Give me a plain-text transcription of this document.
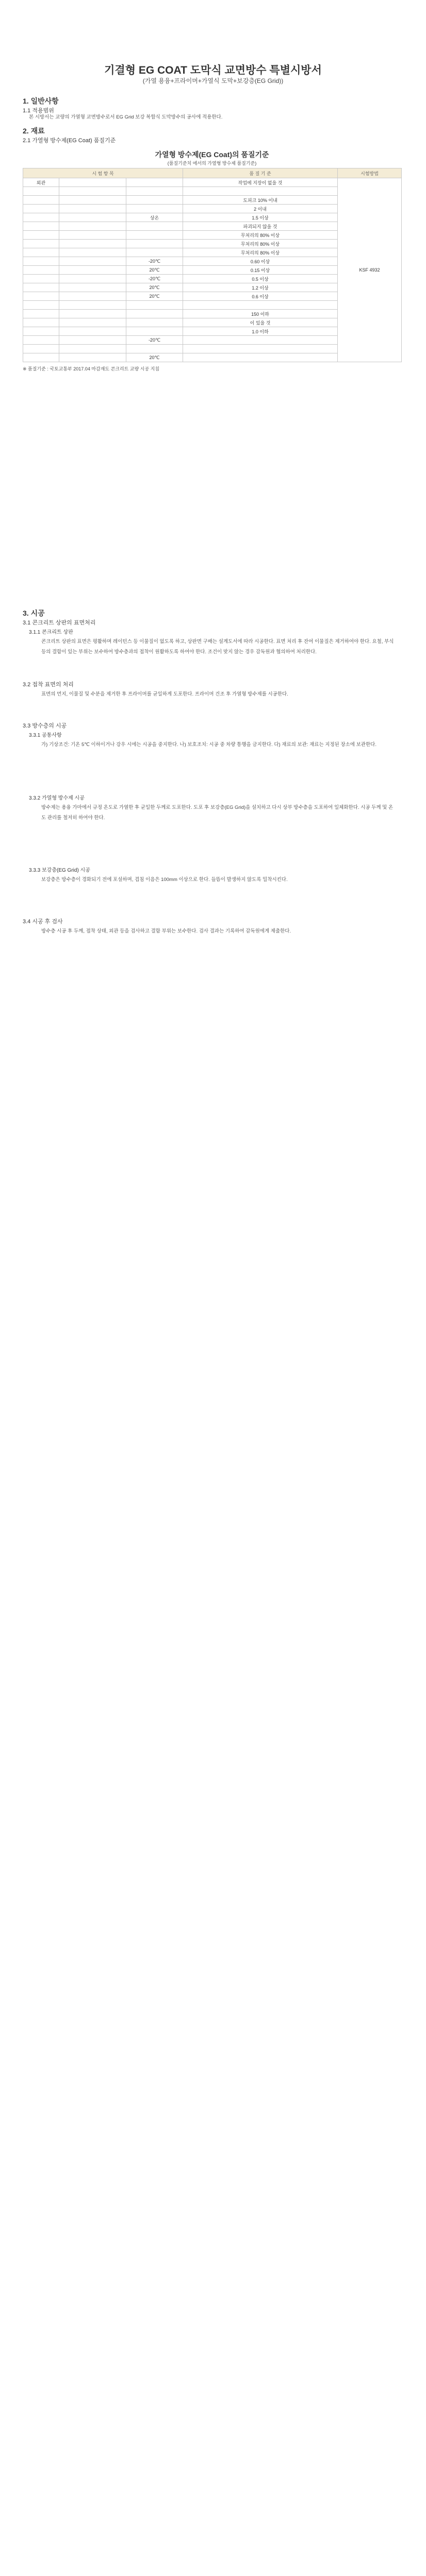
기결형 EG COAT 도막식 교면방수 특별시방서
(가열 용융+프라이머+가열식 도막+보강층(EG Grid))
1. 일반사항
1.1 적용범위
본 시방서는 교량의 가열형 교면방수로서 EG Grid 보강 복합식 도막방수의 공사에 적용한다.
2. 재료
2.1 가열형 방수제(EG Coat) 품질기준
가열형 방수제(EG Coat)의 품질기준
(품질기준치 에서의 가열형 방수제 품질기준)
시 험 항 목			품 질 기 준	시험방법
외관			작업에 지장이 없을 것	KSF 4932

			도피크 10% 이내	
			2 이내	
		상온	1.5 이상	
			파괴되지 않을 것	
			무처리의 80% 이상	
			무처리의 80% 이상	
			무처리의 80% 이상	
		-20℃	0.60 이상	
		20℃	0.15 이상	
		-20℃	0.5 이상	
		20℃	1.2 이상	
		20℃	0.6 이상	

			150 이하	
			이 있을 것	
			1.0 이하	
		-20℃		

		20℃		
※ 품질기준 : 국토교통부 2017.04 마감재도 콘크리트 교량 시공 지침
3. 시공
3.1 콘크리트 상판의 표면처리
3.1.1 콘크리트 상판

콘크리트 상판의 표면은 평활하며 레이턴스 등 이물질이 없도록 하고, 상판면 구배는 설계도서에 따라 시공한다. 표면 처리 후 잔여 이물질은 제거하여야 한다. 요철, 부식 등의 결함이 있는 부위는 보수하여 방수층과의 접착이 원활하도록 하여야 한다. 조건이 맞지 않는 경우 감독원과 협의하여 처리한다.

3.2 접착 표면의 처리

표면의 먼지, 이물질 및 수분을 제거한 후 프라이머를 균일하게 도포한다. 프라이머 건조 후 가열형 방수제를 시공한다.

3.3 방수층의 시공
3.3.1 공통사항

가) 기상조건: 기온 5℃ 이하이거나 강우 시에는 시공을 중지한다. 나) 보호조치: 시공 중 차량 통행을 금지한다. 다) 재료의 보관: 재료는 지정된 장소에 보관한다.

3.3.2 가열형 방수제 시공

방수제는 용융 가마에서 규정 온도로 가열한 후 균일한 두께로 도포한다. 도포 후 보강층(EG Grid)을 설치하고 다시 상부 방수층을 도포하여 일체화한다. 시공 두께 및 온도 관리를 철저히 하여야 한다.

3.3.3 보강층(EG Grid) 시공

보강층은 방수층이 경화되기 전에 포설하며, 겹침 이음은 100mm 이상으로 한다. 들뜸이 발생하지 않도록 밀착시킨다.

3.4 시공 후 검사

방수층 시공 후 두께, 접착 상태, 외관 등을 검사하고 결함 부위는 보수한다. 검사 결과는 기록하여 감독원에게 제출한다.
